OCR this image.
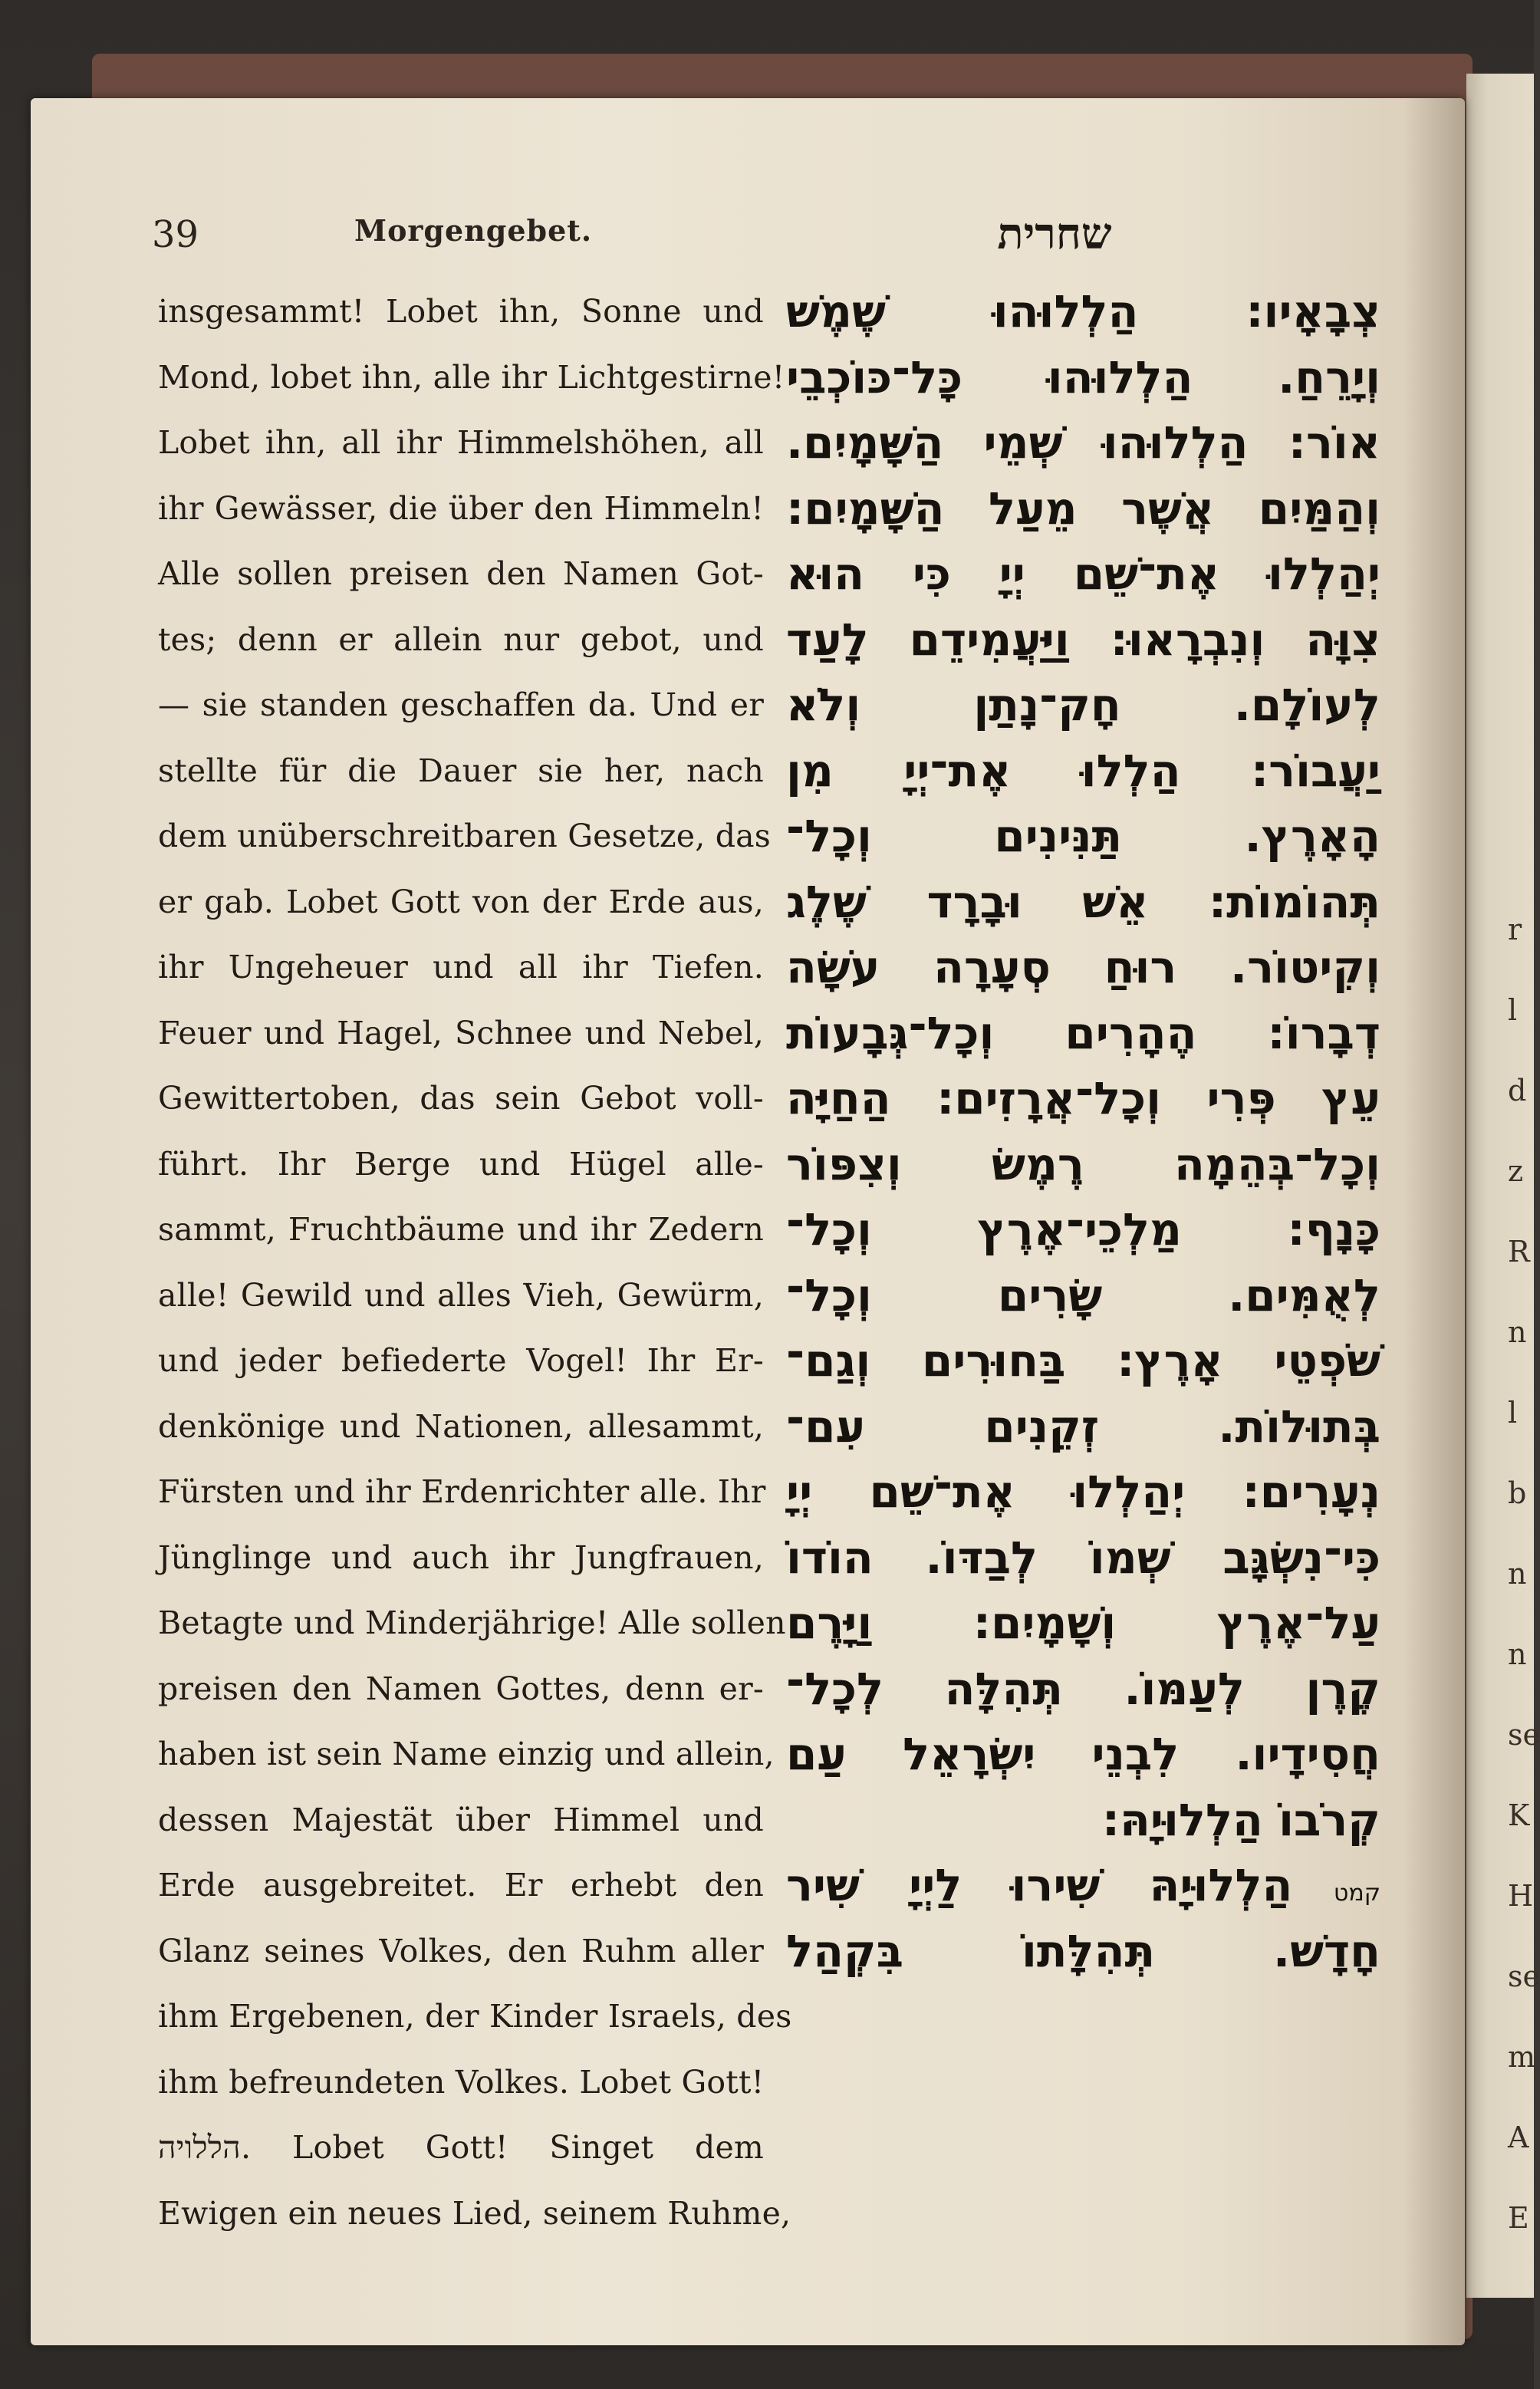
r
l
d
z
R
n
l
b
n
n
se
K
H
se
m
A
E
39	Morgengebet.	שחרית
insgesammt! Lobet ihn, Sonne und
Mond, lobet ihn, alle ihr Lichtgestirne!
Lobet ihn, all ihr Himmelshöhen, all
ihr Gewässer, die über den Himmeln!
Alle sollen preisen den Namen Got-
tes; denn er allein nur gebot, und
— sie standen geschaffen da. Und er
stellte für die Dauer sie her, nach
dem unüberschreitbaren Gesetze, das
er gab. Lobet Gott von der Erde aus,
ihr Ungeheuer und all ihr Tiefen.
Feuer und Hagel, Schnee und Nebel,
Gewittertoben, das sein Gebot voll-
führt. Ihr Berge und Hügel alle-
sammt, Fruchtbäume und ihr Zedern
alle! Gewild und alles Vieh, Gewürm,
und jeder befiederte Vogel! Ihr Er-
denkönige und Nationen, allesammt,
Fürsten und ihr Erdenrichter alle. Ihr
Jünglinge und auch ihr Jungfrauen,
Betagte und Minderjährige! Alle sollen
preisen den Namen Gottes, denn er-
haben ist sein Name einzig und allein,
dessen Majestät über Himmel und
Erde ausgebreitet. Er erhebt den
Glanz seines Volkes, den Ruhm aller
ihm Ergebenen, der Kinder Israels, des
ihm befreundeten Volkes. Lobet Gott!
הללויה. Lobet Gott! Singet dem
Ewigen ein neues Lied, seinem Ruhme,
צְבָאָיו: הַלְלוּהוּ שֶׁמֶשׁ
וְיָרֵחַ. הַלְלוּהוּ כָּל־כּוֹכְבֵי
אוֹר: הַלְלוּהוּ שְׁמֵי הַשָּׁמָיִם.
וְהַמַּיִם אֲשֶׁר מֵעַל הַשָּׁמָיִם:
יְהַלְלוּ אֶת־שֵׁם יְיָ כִּי הוּא
צִוָּה וְנִבְרָאוּ: וַיַּעֲמִידֵם לָעַד
לְעוֹלָם. חָק־נָתַן וְלֹא
יַעֲבוֹר: הַלְלוּ אֶת־יְיָ מִן
הָאָרֶץ. תַּנִּינִים וְכָל־
תְּהוֹמוֹת: אֵשׁ וּבָרָד שֶׁלֶג
וְקִיטוֹר. רוּחַ סְעָרָה עֹשָׂה
דְבָרוֹ: הֶהָרִים וְכָל־גְּבָעוֹת
עֵץ פְּרִי וְכָל־אֲרָזִים: הַחַיָּה
וְכָל־בְּהֵמָה רֶמֶשׂ וְצִפּוֹר
כָּנָף: מַלְכֵי־אֶרֶץ וְכָל־
לְאֻמִּים. שָׂרִים וְכָל־
שֹׁפְטֵי אָרֶץ: בַּחוּרִים וְגַם־
בְּתוּלוֹת. זְקֵנִים עִם־
נְעָרִים: יְהַלְלוּ אֶת־שֵׁם יְיָ
כִּי־נִשְׂגָּב שְׁמוֹ לְבַדּוֹ. הוֹדוֹ
עַל־אֶרֶץ וְשָׁמָיִם: וַיָּרֶם
קֶרֶן לְעַמּוֹ. תְּהִלָּה לְכָל־
חֲסִידָיו. לִבְנֵי יִשְׂרָאֵל עַם
קְרֹבוֹ הַלְלוּיָהּ:
קמט הַלְלוּיָהּ שִׁירוּ לַיְיָ שִׁיר
חָדָשׁ. תְּהִלָּתוֹ בִּקְהַל
